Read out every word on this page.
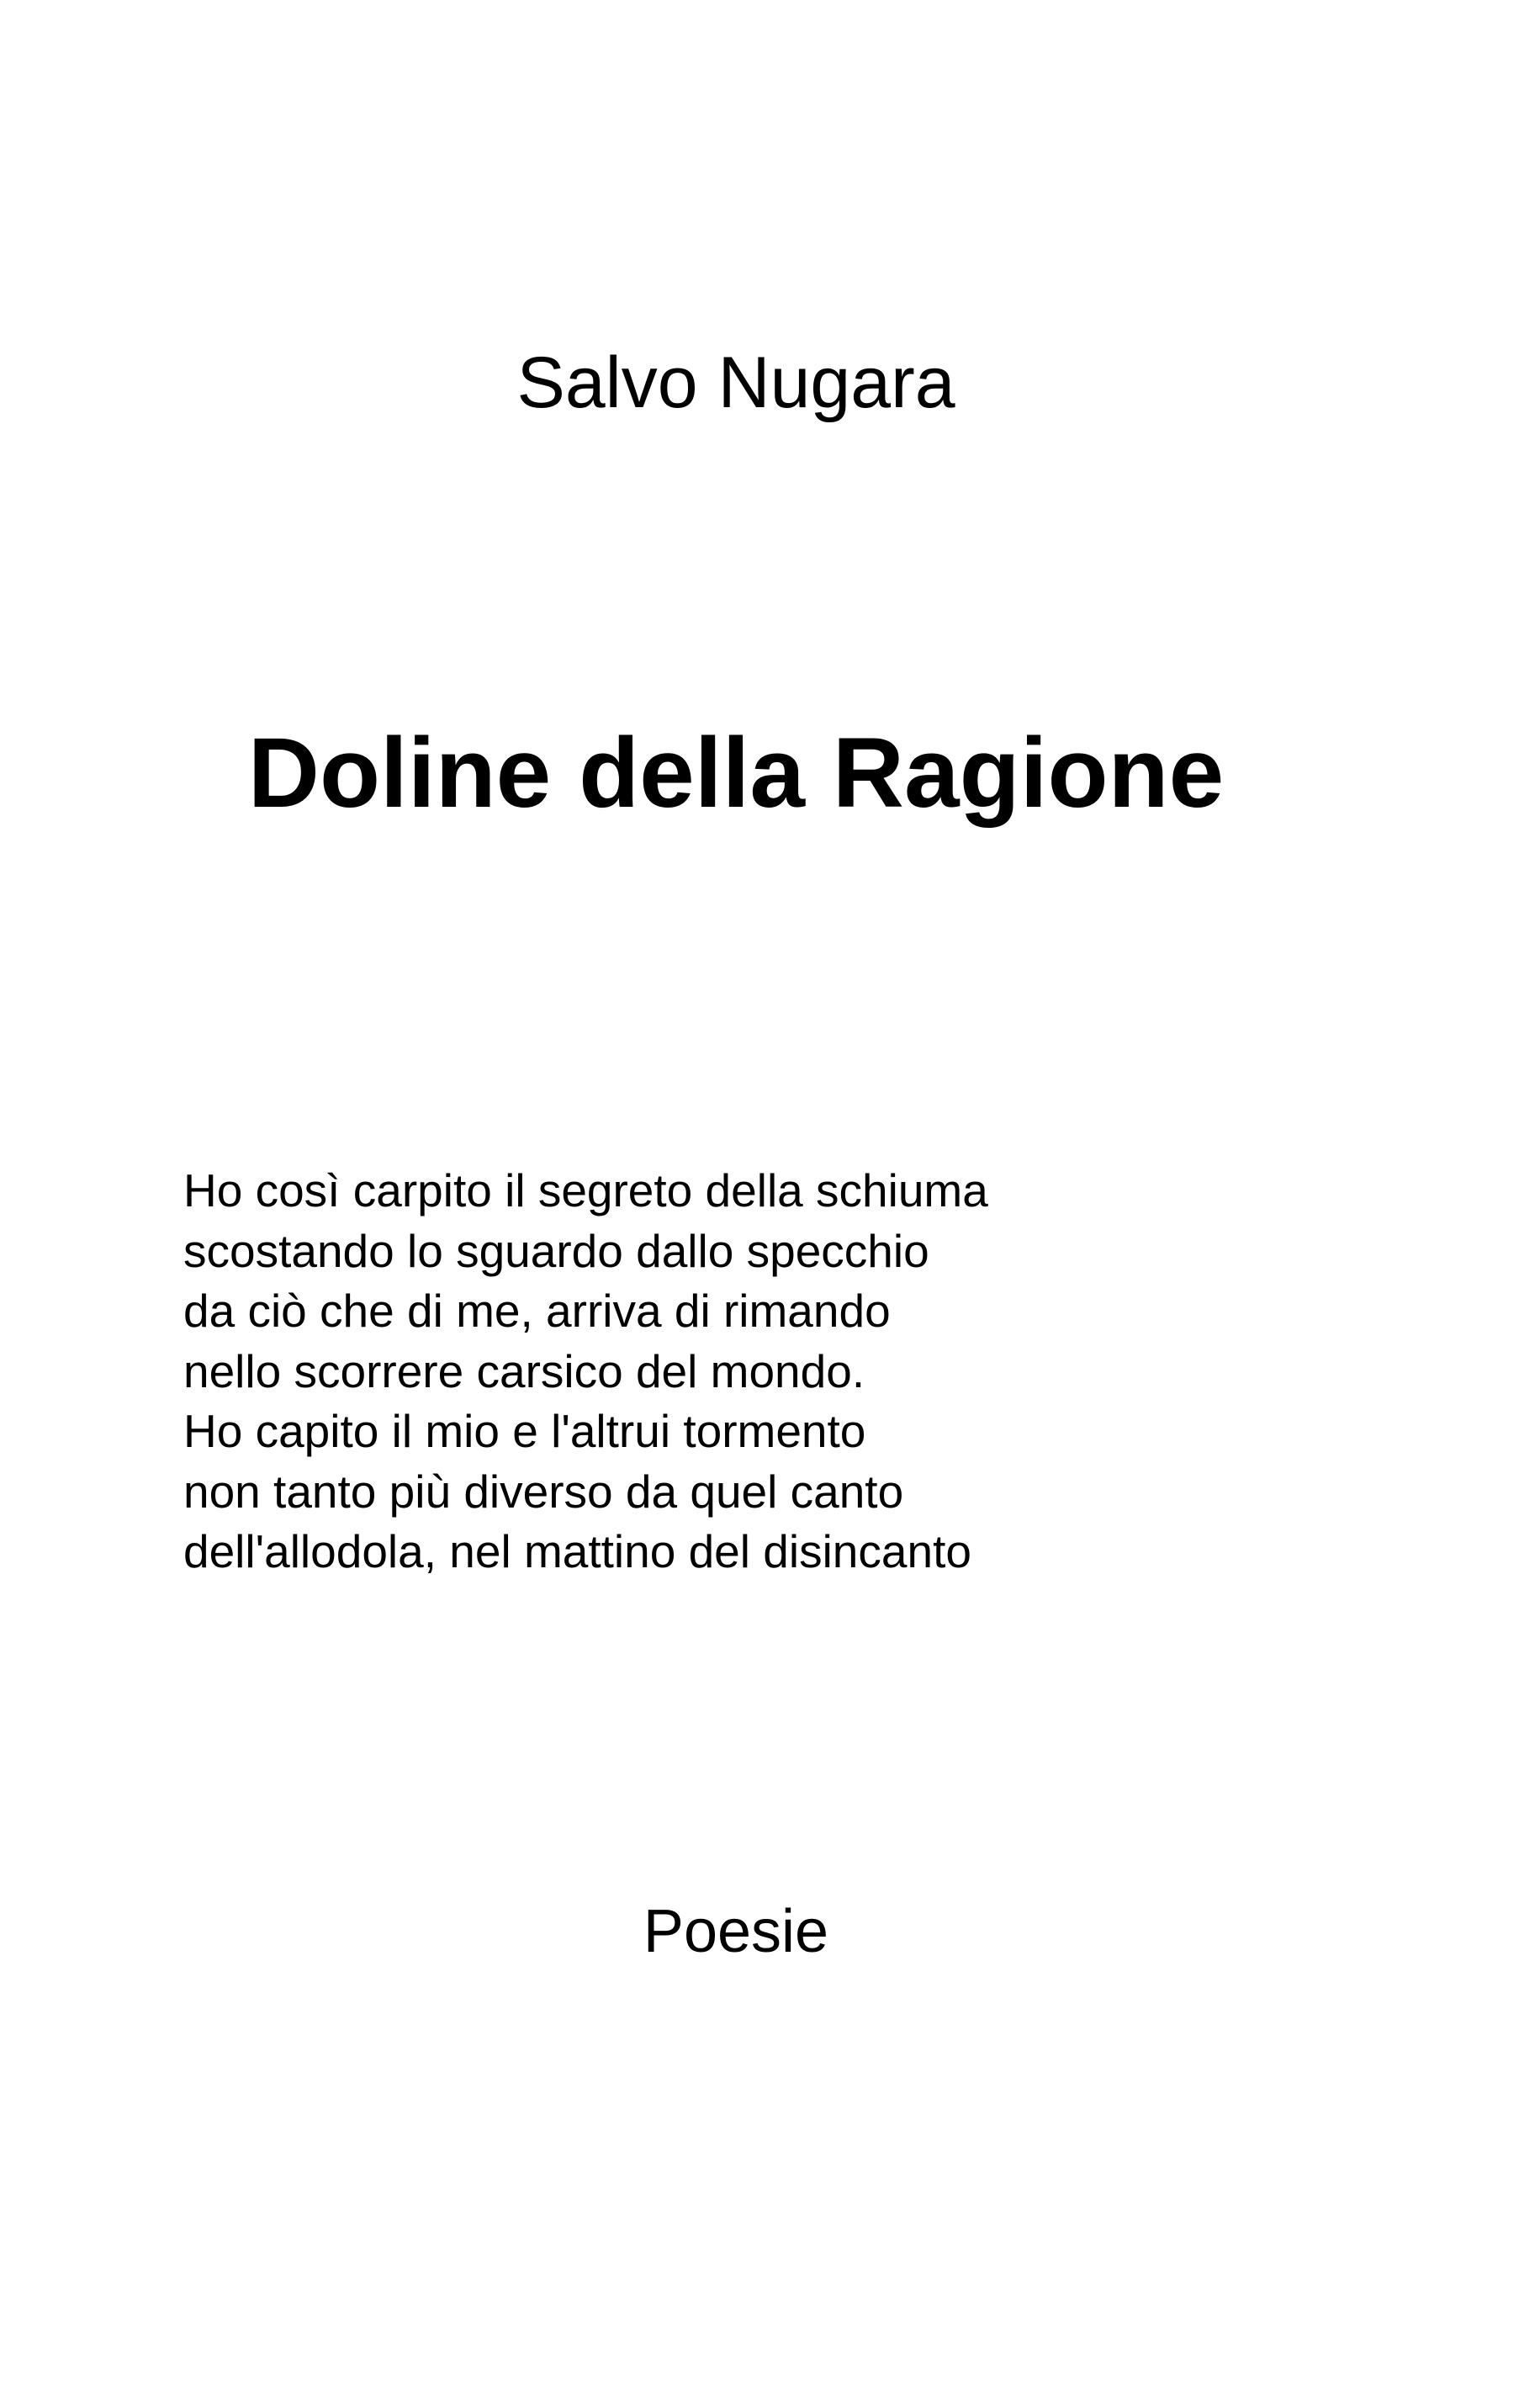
Salvo Nugara
Doline della Ragione
Ho così carpito il segreto della schiuma
scostando lo sguardo dallo specchio
da ciò che di me, arriva di rimando
nello scorrere carsico del mondo.
Ho capito il mio e l'altrui tormento
non tanto più diverso da quel canto
dell'allodola, nel mattino del disincanto
Poesie
